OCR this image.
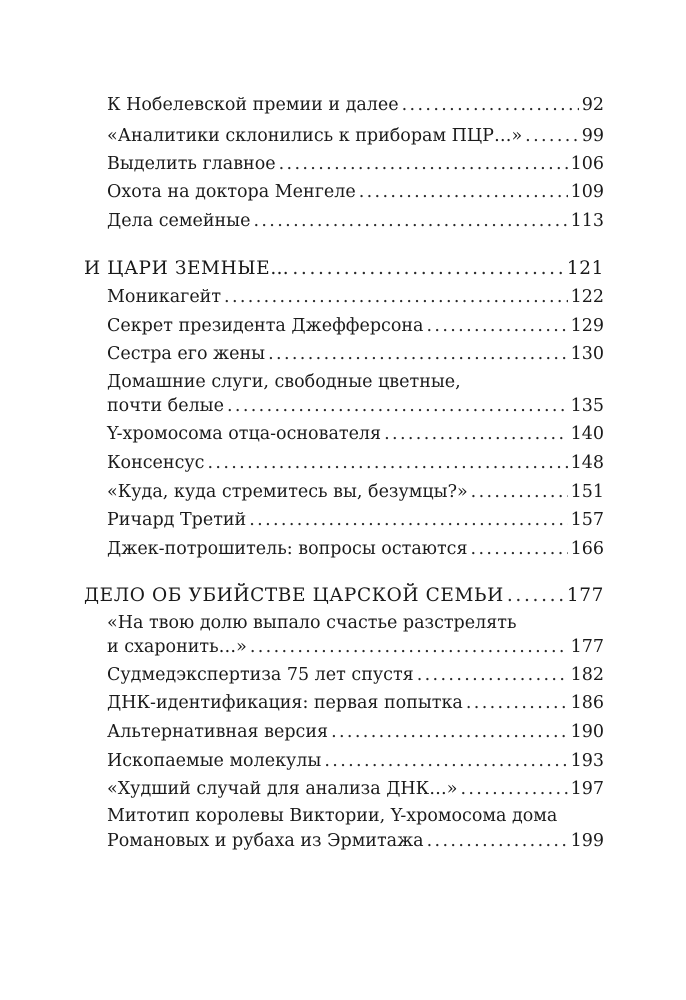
К Нобелевской премии и далее . . .	92
«Аналитики склонились к приборам ПЦР…» . . .	99
Выделить главное . . .	106
Охота на доктора Менгеле . . .	109
Дела семейные . . .	113
И ЦАРИ ЗЕМНЫЕ… . . .	121
Моникагейт . . .	122
Секрет президента Джефферсона . . .	129
Сестра его жены . . .	130
Домашние слуги, свободные цветные,
почти белые . . .	135
Y-хромосома отца-основателя . . .	140
Консенсус . . .	148
«Куда, куда стремитесь вы, безумцы?» . . .	151
Ричард Третий . . .	157
Джек-потрошитель: вопросы остаются . . .	166
ДЕЛО ОБ УБИЙСТВЕ ЦАРСКОЙ СЕМЬИ . . .	177
«На твою долю выпало счастье разстрелять
и схаронить…» . . .	177
Судмедэкспертиза 75 лет спустя . . .	182
ДНК-идентификация: первая попытка . . .	186
Альтернативная версия . . .	190
Ископаемые молекулы . . .	193
«Худший случай для анализа ДНК…» . . .	197
Митотип королевы Виктории, Y-хромосома дома
Романовых и рубаха из Эрмитажа . . .	199
